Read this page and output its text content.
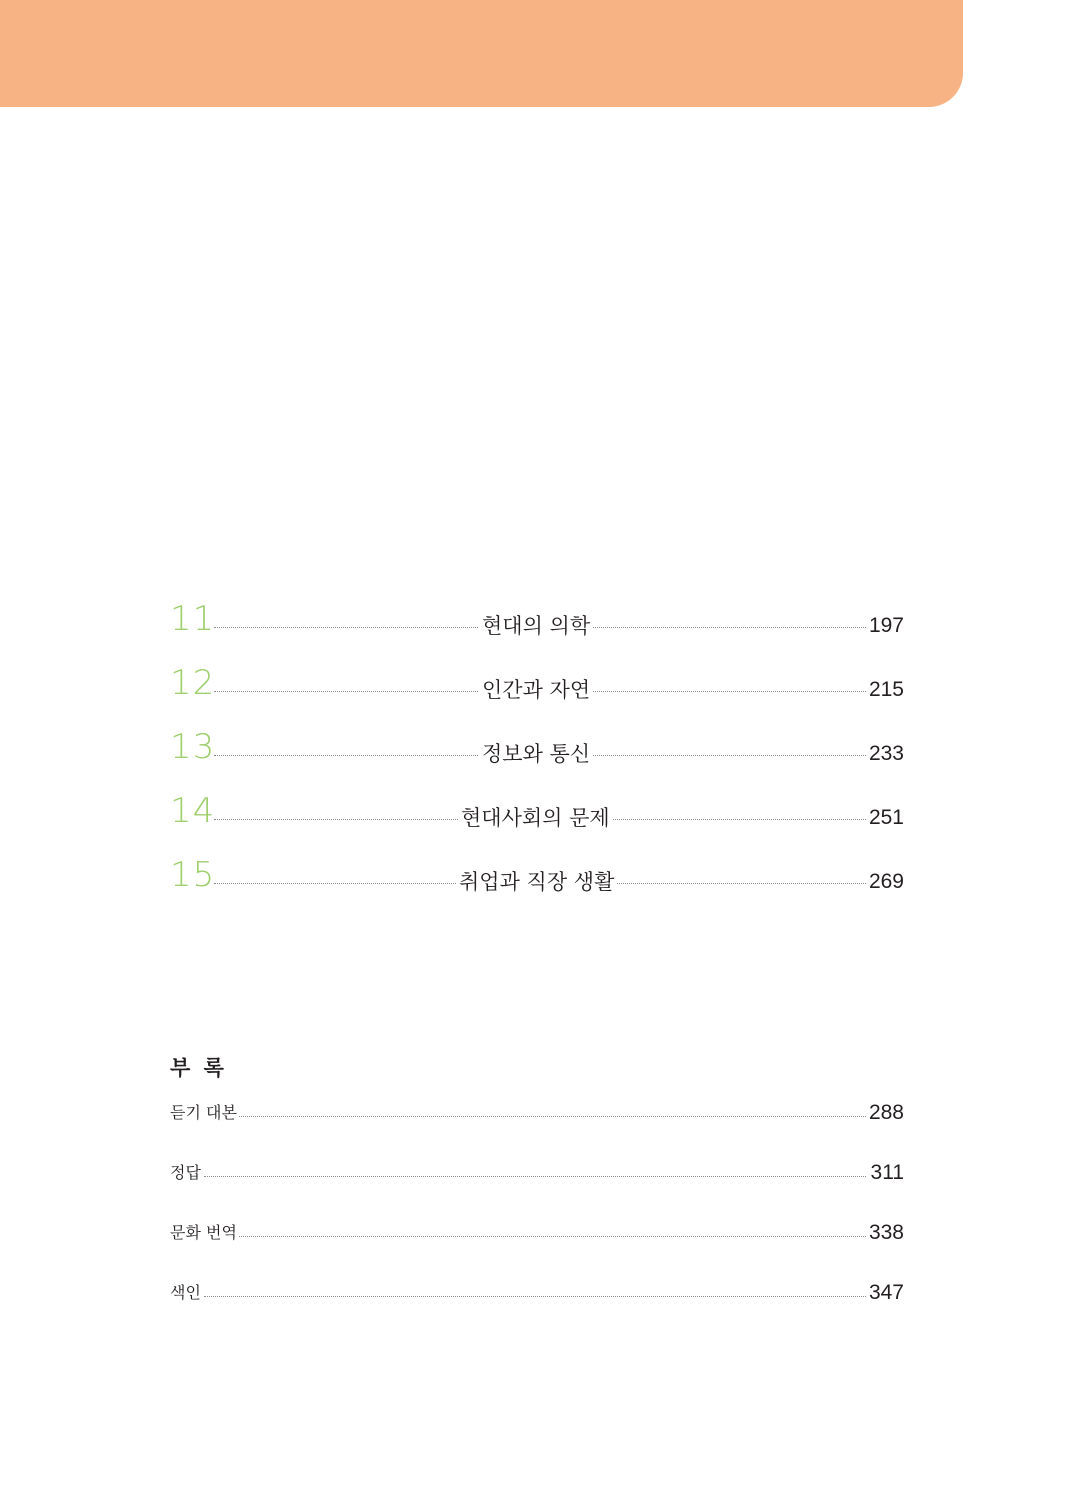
11	현대의 의학	197
12	인간과 자연	215
13	정보와 통신	233
14	현대사회의 문제	251
15	취업과 직장 생활	269
부 록
듣기 대본	288
정답	311
문화 번역	338
색인	347
